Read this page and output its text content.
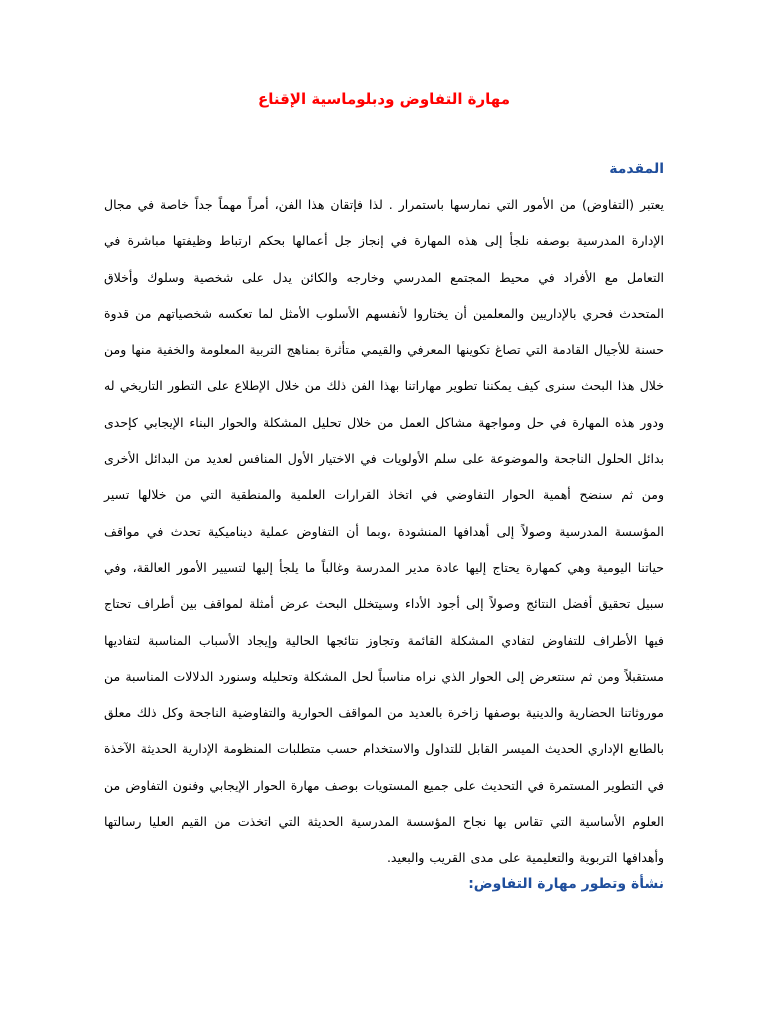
مهارة التفاوض ودبلوماسية الإقناع
المقدمة

يعتبر (التفاوض) من الأمور التي نمارسها باستمرار . لذا فإتقان هذا الفن، أمراً مهماً جداً خاصة في مجال الإدارة المدرسية بوصفه نلجأ إلى هذه المهارة في إنجاز جل أعمالها بحكم ارتباط وظيفتها مباشرة في التعامل مع الأفراد في محيط المجتمع المدرسي وخارجه والكائن يدل على شخصية وسلوك وأخلاق المتحدث فحري بالإداريين والمعلمين أن يختاروا لأنفسهم الأسلوب الأمثل لما تعكسه شخصياتهم من قدوة حسنة للأجيال القادمة التي تصاغ تكوينها المعرفي والقيمي متأثرة بمناهج التربية المعلومة والخفية منها ومن خلال هذا البحث سنرى كيف يمكننا تطوير مهاراتنا بهذا الفن ذلك من خلال الإطلاع على التطور التاريخي له ودور هذه المهارة في حل ومواجهة مشاكل العمل من خلال تحليل المشكلة والحوار البناء الإيجابي كإحدى بدائل الحلول الناجحة والموضوعة على سلم الأولويات في الاختيار الأول المنافس لعديد من البدائل الأخرى ومن ثم سنضح أهمية الحوار التفاوضي في اتخاذ القرارات العلمية والمنطقية التي من خلالها تسير المؤسسة المدرسية وصولاً إلى أهدافها المنشودة ،وبما أن التفاوض عملية ديناميكية تحدث في مواقف حياتنا اليومية وهي كمهارة يحتاج إليها عادة مدير المدرسة وغالباً ما يلجأ إليها لتسيير الأمور العالقة، وفي سبيل تحقيق أفضل النتائج وصولاً إلى أجود الأداء وسيتخلل البحث عرض أمثلة لمواقف بين أطراف تحتاج فيها الأطراف للتفاوض لتفادي المشكلة القائمة وتجاوز نتائجها الحالية وإيجاد الأسباب المناسبة لتفاديها مستقبلاً ومن ثم سنتعرض إلى الحوار الذي نراه مناسباً لحل المشكلة وتحليله وسنورد الدلالات المناسبة من موروثاتنا الحضارية والدينية بوصفها زاخرة بالعديد من المواقف الحوارية والتفاوضية الناجحة وكل ذلك معلق بالطابع الإداري الحديث الميسر القابل للتداول والاستخدام حسب متطلبات المنظومة الإدارية الحديثة الآخذة في التطوير المستمرة في التحديث على جميع المستويات بوصف مهارة الحوار الإيجابي وفنون التفاوض من العلوم الأساسية التي تقاس بها نجاح المؤسسة المدرسية الحديثة التي اتخذت من القيم العليا رسالتها وأهدافها التربوية والتعليمية على مدى القريب والبعيد.

نشأة وتطور مهارة التفاوض:
